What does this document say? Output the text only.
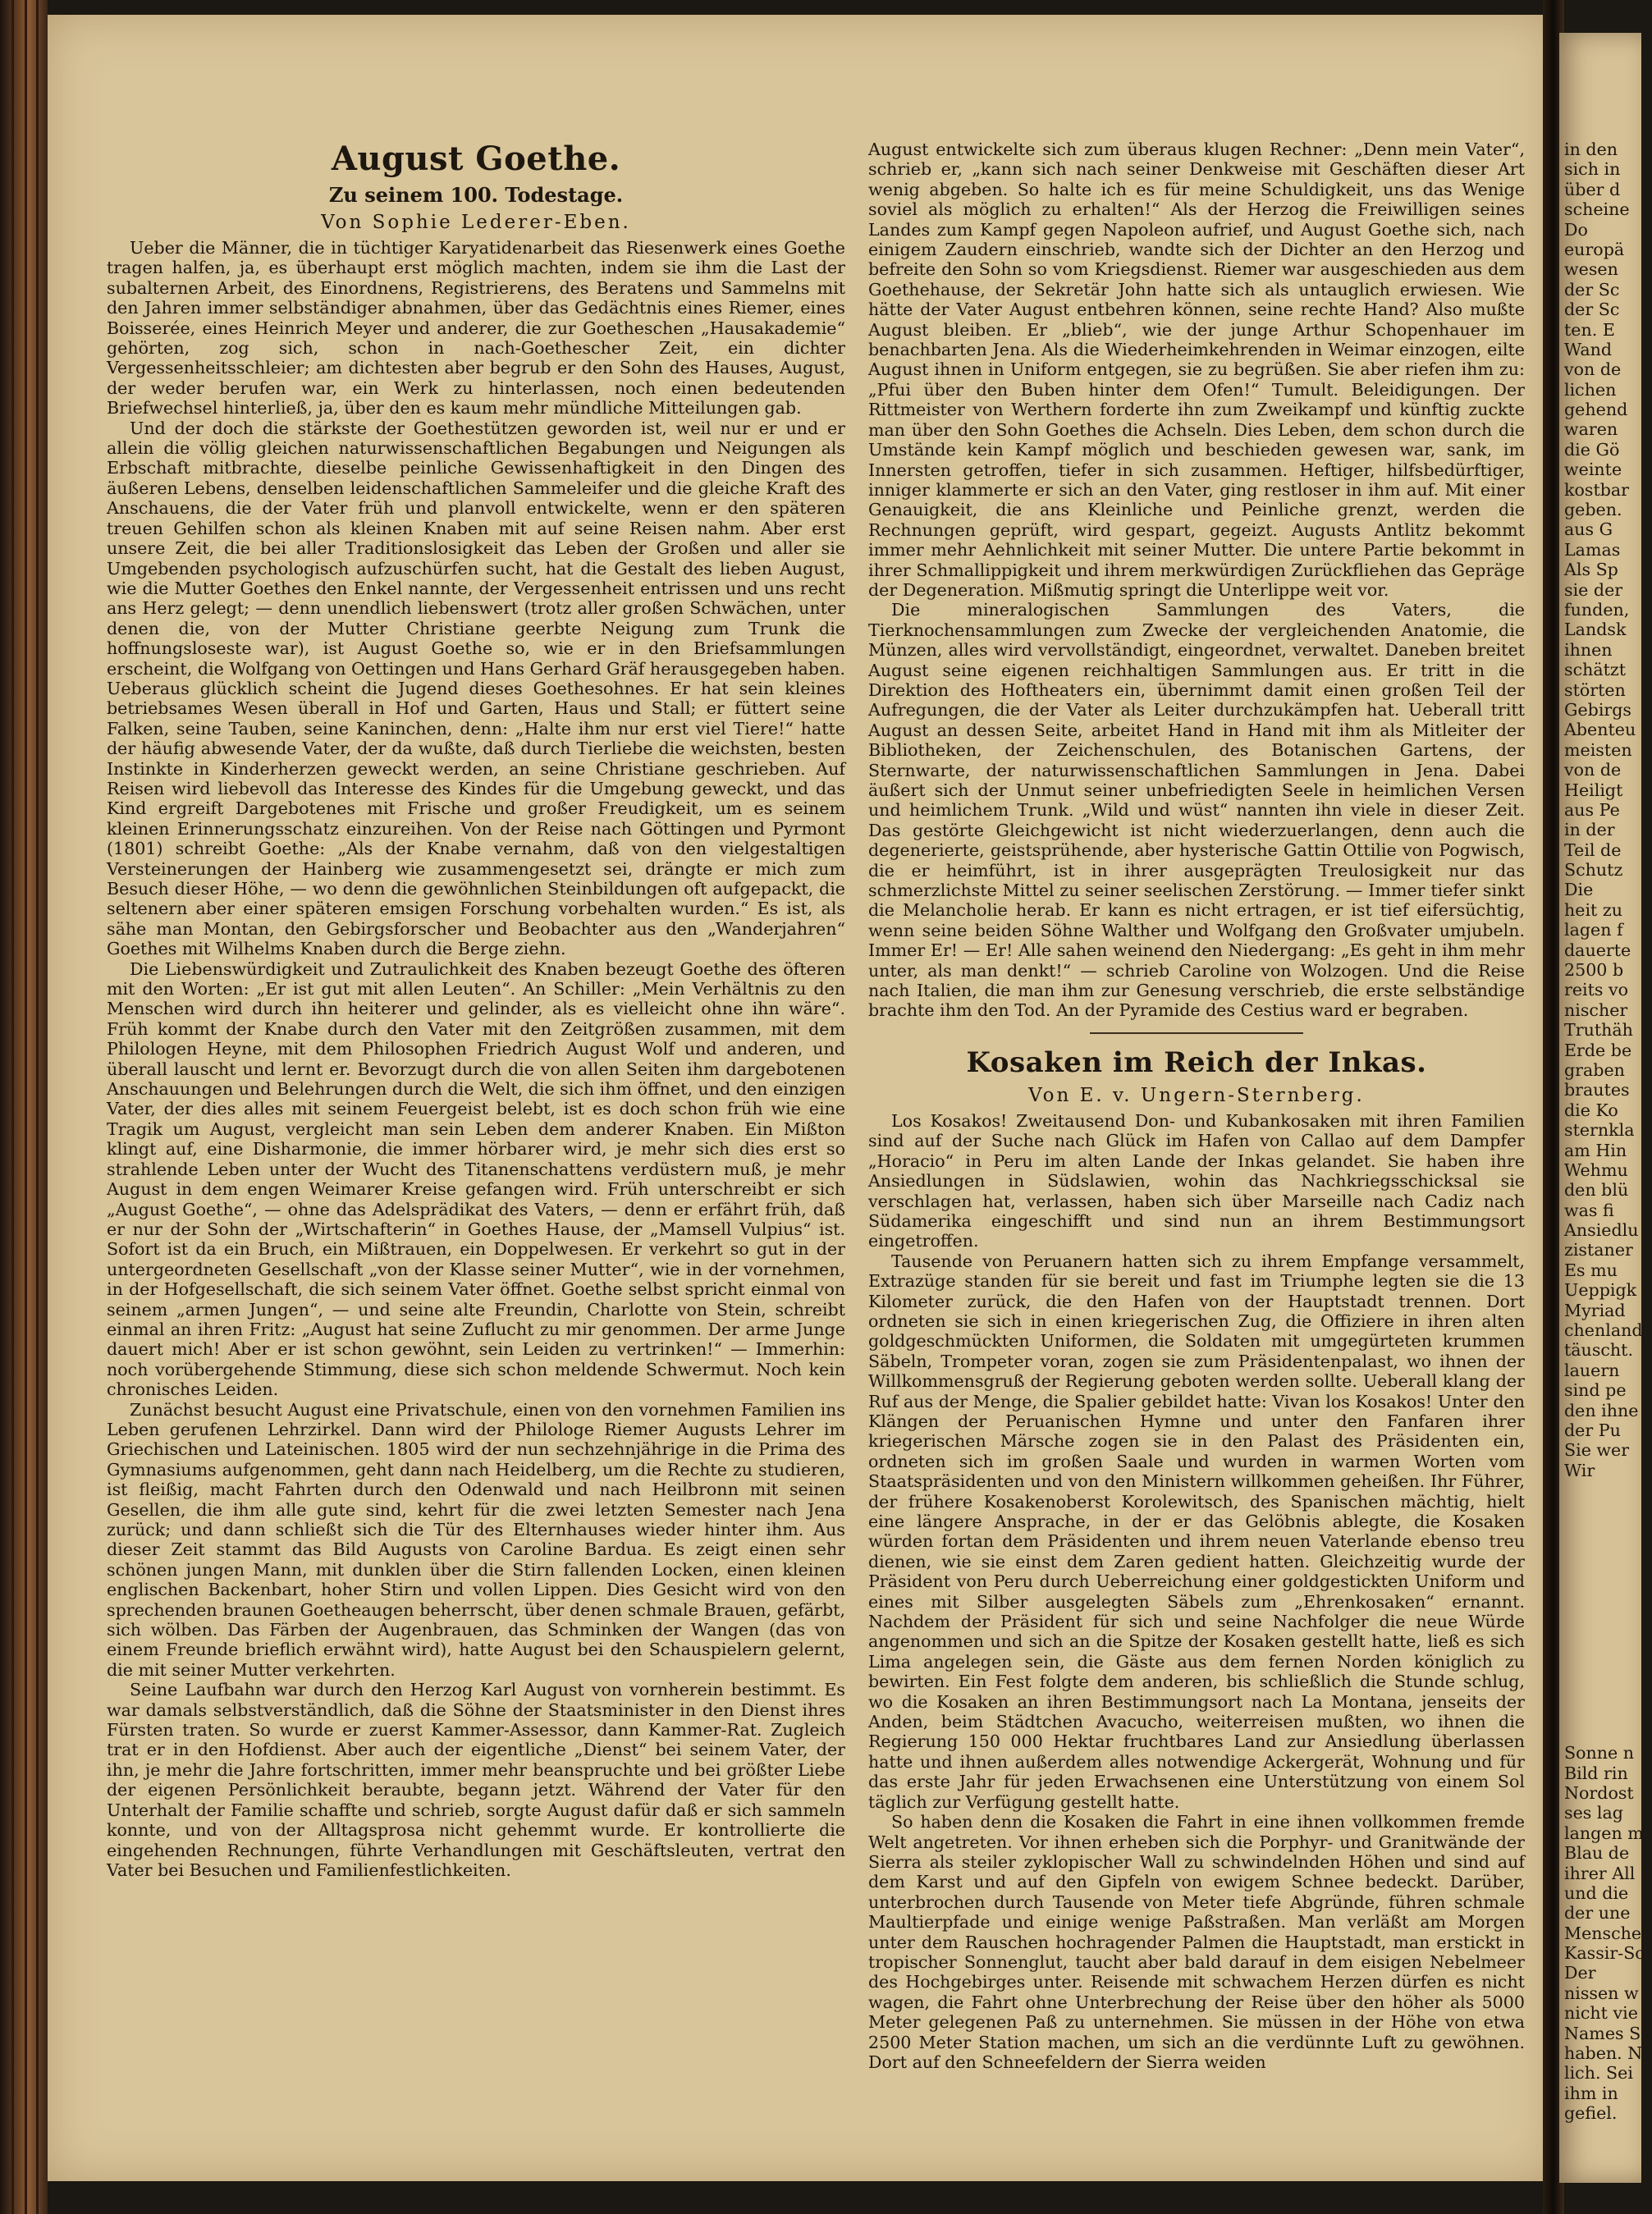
August Goethe.
Zu seinem 100. Todestage.
Von Sophie Lederer-Eben.

Ueber die Männer, die in tüchtiger Karyatidenarbeit das Riesenwerk eines Goethe tragen halfen, ja, es überhaupt erst möglich machten, indem sie ihm die Last der subalternen Arbeit, des Einordnens, Registrierens, des Beratens und Sammelns mit den Jahren immer selbständiger abnahmen, über das Gedächtnis eines Riemer, eines Boisserée, eines Heinrich Meyer und anderer, die zur Goetheschen „Hausakademie“ gehörten, zog sich, schon in nach-Goethescher Zeit, ein dichter Vergessenheitsschleier; am dichtesten aber begrub er den Sohn des Hauses, August, der weder berufen war, ein Werk zu hinterlassen, noch einen bedeutenden Briefwechsel hinterließ, ja, über den es kaum mehr mündliche Mitteilungen gab.

Und der doch die stärkste der Goethestützen geworden ist, weil nur er und er allein die völlig gleichen naturwissenschaftlichen Begabungen und Neigungen als Erbschaft mitbrachte, dieselbe peinliche Gewissenhaftigkeit in den Dingen des äußeren Lebens, denselben leidenschaftlichen Sammeleifer und die gleiche Kraft des Anschauens, die der Vater früh und planvoll entwickelte, wenn er den späteren treuen Gehilfen schon als kleinen Knaben mit auf seine Reisen nahm. Aber erst unsere Zeit, die bei aller Traditionslosigkeit das Leben der Großen und aller sie Umgebenden psychologisch aufzuschürfen sucht, hat die Gestalt des lieben August, wie die Mutter Goethes den Enkel nannte, der Vergessenheit entrissen und uns recht ans Herz gelegt; — denn unendlich liebenswert (trotz aller großen Schwächen, unter denen die, von der Mutter Christiane geerbte Neigung zum Trunk die hoffnungsloseste war), ist August Goethe so, wie er in den Briefsammlungen erscheint, die Wolfgang von Oettingen und Hans Gerhard Gräf herausgegeben haben. Ueberaus glücklich scheint die Jugend dieses Goethesohnes. Er hat sein kleines betriebsames Wesen überall in Hof und Garten, Haus und Stall; er füttert seine Falken, seine Tauben, seine Kaninchen, denn: „Halte ihm nur erst viel Tiere!“ hatte der häufig abwesende Vater, der da wußte, daß durch Tierliebe die weichsten, besten Instinkte in Kinderherzen geweckt werden, an seine Christiane geschrieben. Auf Reisen wird liebevoll das Interesse des Kindes für die Umgebung geweckt, und das Kind ergreift Dargebotenes mit Frische und großer Freudigkeit, um es seinem kleinen Erinnerungsschatz einzureihen. Von der Reise nach Göttingen und Pyrmont (1801) schreibt Goethe: „Als der Knabe vernahm, daß von den vielgestaltigen Versteinerungen der Hainberg wie zusammengesetzt sei, drängte er mich zum Besuch dieser Höhe, — wo denn die gewöhnlichen Steinbildungen oft aufgepackt, die seltenern aber einer späteren emsigen Forschung vorbehalten wurden.“ Es ist, als sähe man Montan, den Gebirgsforscher und Beobachter aus den „Wanderjahren“ Goethes mit Wilhelms Knaben durch die Berge ziehn.

Die Liebenswürdigkeit und Zutraulichkeit des Knaben bezeugt Goethe des öfteren mit den Worten: „Er ist gut mit allen Leuten“. An Schiller: „Mein Verhältnis zu den Menschen wird durch ihn heiterer und gelinder, als es vielleicht ohne ihn wäre“. Früh kommt der Knabe durch den Vater mit den Zeitgrößen zusammen, mit dem Philologen Heyne, mit dem Philosophen Friedrich August Wolf und anderen, und überall lauscht und lernt er. Bevorzugt durch die von allen Seiten ihm dargebotenen Anschauungen und Belehrungen durch die Welt, die sich ihm öffnet, und den einzigen Vater, der dies alles mit seinem Feuergeist belebt, ist es doch schon früh wie eine Tragik um August, vergleicht man sein Leben dem anderer Knaben. Ein Mißton klingt auf, eine Disharmonie, die immer hörbarer wird, je mehr sich dies erst so strahlende Leben unter der Wucht des Titanenschattens verdüstern muß, je mehr August in dem engen Weimarer Kreise gefangen wird. Früh unterschreibt er sich „August Goethe“, — ohne das Adelsprädikat des Vaters, — denn er erfährt früh, daß er nur der Sohn der „Wirtschafterin“ in Goethes Hause, der „Mamsell Vulpius“ ist. Sofort ist da ein Bruch, ein Mißtrauen, ein Doppelwesen. Er verkehrt so gut in der untergeordneten Gesellschaft „von der Klasse seiner Mutter“, wie in der vornehmen, in der Hofgesellschaft, die sich seinem Vater öffnet. Goethe selbst spricht einmal von seinem „armen Jungen“, — und seine alte Freundin, Charlotte von Stein, schreibt einmal an ihren Fritz: „August hat seine Zuflucht zu mir genommen. Der arme Junge dauert mich! Aber er ist schon gewöhnt, sein Leiden zu vertrinken!“ — Immerhin: noch vorübergehende Stimmung, diese sich schon meldende Schwermut. Noch kein chronisches Leiden.

Zunächst besucht August eine Privatschule, einen von den vornehmen Familien ins Leben gerufenen Lehrzirkel. Dann wird der Philologe Riemer Augusts Lehrer im Griechischen und Lateinischen. 1805 wird der nun sechzehnjährige in die Prima des Gymnasiums aufgenommen, geht dann nach Heidelberg, um die Rechte zu studieren, ist fleißig, macht Fahrten durch den Odenwald und nach Heilbronn mit seinen Gesellen, die ihm alle gute sind, kehrt für die zwei letzten Semester nach Jena zurück; und dann schließt sich die Tür des Elternhauses wieder hinter ihm. Aus dieser Zeit stammt das Bild Augusts von Caroline Bardua. Es zeigt einen sehr schönen jungen Mann, mit dunklen über die Stirn fallenden Locken, einen kleinen englischen Backenbart, hoher Stirn und vollen Lippen. Dies Gesicht wird von den sprechenden braunen Goetheaugen beherrscht, über denen schmale Brauen, gefärbt, sich wölben. Das Färben der Augenbrauen, das Schminken der Wangen (das von einem Freunde brieflich erwähnt wird), hatte August bei den Schauspielern gelernt, die mit seiner Mutter verkehrten.

Seine Laufbahn war durch den Herzog Karl August von vornherein bestimmt. Es war damals selbstverständlich, daß die Söhne der Staatsminister in den Dienst ihres Fürsten traten. So wurde er zuerst Kammer-Assessor, dann Kammer-Rat. Zugleich trat er in den Hofdienst. Aber auch der eigentliche „Dienst“ bei seinem Vater, der ihn, je mehr die Jahre fortschritten, immer mehr beanspruchte und bei größter Liebe der eigenen Persönlichkeit beraubte, begann jetzt. Während der Vater für den Unterhalt der Familie schaffte und schrieb, sorgte August dafür daß er sich sammeln konnte, und von der Alltagsprosa nicht gehemmt wurde. Er kontrollierte die eingehenden Rechnungen, führte Verhandlungen mit Geschäftsleuten, vertrat den Vater bei Besuchen und Familienfestlichkeiten.

August entwickelte sich zum überaus klugen Rechner: „Denn mein Vater“, schrieb er, „kann sich nach seiner Denkweise mit Geschäften dieser Art wenig abgeben. So halte ich es für meine Schuldigkeit, uns das Wenige soviel als möglich zu erhalten!“ Als der Herzog die Freiwilligen seines Landes zum Kampf gegen Napoleon aufrief, und August Goethe sich, nach einigem Zaudern einschrieb, wandte sich der Dichter an den Herzog und befreite den Sohn so vom Kriegsdienst. Riemer war ausgeschieden aus dem Goethehause, der Sekretär John hatte sich als untauglich erwiesen. Wie hätte der Vater August entbehren können, seine rechte Hand? Also mußte August bleiben. Er „blieb“, wie der junge Arthur Schopenhauer im benachbarten Jena. Als die Wiederheimkehrenden in Weimar einzogen, eilte August ihnen in Uniform entgegen, sie zu begrüßen. Sie aber riefen ihm zu: „Pfui über den Buben hinter dem Ofen!“ Tumult. Beleidigungen. Der Rittmeister von Werthern forderte ihn zum Zweikampf und künftig zuckte man über den Sohn Goethes die Achseln. Dies Leben, dem schon durch die Umstände kein Kampf möglich und beschieden gewesen war, sank, im Innersten getroffen, tiefer in sich zusammen. Heftiger, hilfsbedürftiger, inniger klammerte er sich an den Vater, ging restloser in ihm auf. Mit einer Genauigkeit, die ans Kleinliche und Peinliche grenzt, werden die Rechnungen geprüft, wird gespart, gegeizt. Augusts Antlitz bekommt immer mehr Aehnlichkeit mit seiner Mutter. Die untere Partie bekommt in ihrer Schmallippigkeit und ihrem merkwürdigen Zurückfliehen das Gepräge der Degeneration. Mißmutig springt die Unterlippe weit vor.

Die mineralogischen Sammlungen des Vaters, die Tierknochensammlungen zum Zwecke der vergleichenden Anatomie, die Münzen, alles wird vervollständigt, eingeordnet, verwaltet. Daneben breitet August seine eigenen reichhaltigen Sammlungen aus. Er tritt in die Direktion des Hoftheaters ein, übernimmt damit einen großen Teil der Aufregungen, die der Vater als Leiter durchzukämpfen hat. Ueberall tritt August an dessen Seite, arbeitet Hand in Hand mit ihm als Mitleiter der Bibliotheken, der Zeichenschulen, des Botanischen Gartens, der Sternwarte, der naturwissenschaftlichen Sammlungen in Jena. Dabei äußert sich der Unmut seiner unbefriedigten Seele in heimlichen Versen und heimlichem Trunk. „Wild und wüst“ nannten ihn viele in dieser Zeit. Das gestörte Gleichgewicht ist nicht wiederzuerlangen, denn auch die degenerierte, geistsprühende, aber hysterische Gattin Ottilie von Pogwisch, die er heimführt, ist in ihrer ausgeprägten Treulosigkeit nur das schmerzlichste Mittel zu seiner seelischen Zerstörung. — Immer tiefer sinkt die Melancholie herab. Er kann es nicht ertragen, er ist tief eifersüchtig, wenn seine beiden Söhne Walther und Wolfgang den Großvater umjubeln. Immer Er! — Er! Alle sahen weinend den Niedergang: „Es geht in ihm mehr unter, als man denkt!“ — schrieb Caroline von Wolzogen. Und die Reise nach Italien, die man ihm zur Genesung verschrieb, die erste selbständige brachte ihm den Tod. An der Pyramide des Cestius ward er begraben.

Kosaken im Reich der Inkas.
Von E. v. Ungern-Sternberg.

Los Kosakos! Zweitausend Don- und Kubankosaken mit ihren Familien sind auf der Suche nach Glück im Hafen von Callao auf dem Dampfer „Horacio“ in Peru im alten Lande der Inkas gelandet. Sie haben ihre Ansiedlungen in Südslawien, wohin das Nachkriegsschicksal sie verschlagen hat, verlassen, haben sich über Marseille nach Cadiz nach Südamerika eingeschifft und sind nun an ihrem Bestimmungsort eingetroffen.

Tausende von Peruanern hatten sich zu ihrem Empfange versammelt, Extrazüge standen für sie bereit und fast im Triumphe legten sie die 13 Kilometer zurück, die den Hafen von der Hauptstadt trennen. Dort ordneten sie sich in einen kriegerischen Zug, die Offiziere in ihren alten goldgeschmückten Uniformen, die Soldaten mit umgegürteten krummen Säbeln, Trompeter voran, zogen sie zum Präsidentenpalast, wo ihnen der Willkommensgruß der Regierung geboten werden sollte. Ueberall klang der Ruf aus der Menge, die Spalier gebildet hatte: Vivan los Kosakos! Unter den Klängen der Peruanischen Hymne und unter den Fanfaren ihrer kriegerischen Märsche zogen sie in den Palast des Präsidenten ein, ordneten sich im großen Saale und wurden in warmen Worten vom Staatspräsidenten und von den Ministern willkommen geheißen. Ihr Führer, der frühere Kosakenoberst Korolewitsch, des Spanischen mächtig, hielt eine längere Ansprache, in der er das Gelöbnis ablegte, die Kosaken würden fortan dem Präsidenten und ihrem neuen Vaterlande ebenso treu dienen, wie sie einst dem Zaren gedient hatten. Gleichzeitig wurde der Präsident von Peru durch Ueberreichung einer goldgestickten Uniform und eines mit Silber ausgelegten Säbels zum „Ehrenkosaken“ ernannt. Nachdem der Präsident für sich und seine Nachfolger die neue Würde angenommen und sich an die Spitze der Kosaken gestellt hatte, ließ es sich Lima angelegen sein, die Gäste aus dem fernen Norden königlich zu bewirten. Ein Fest folgte dem anderen, bis schließlich die Stunde schlug, wo die Kosaken an ihren Bestimmungsort nach La Montana, jenseits der Anden, beim Städtchen Avacucho, weiterreisen mußten, wo ihnen die Regierung 150 000 Hektar fruchtbares Land zur Ansiedlung überlassen hatte und ihnen außerdem alles notwendige Ackergerät, Wohnung und für das erste Jahr für jeden Erwachsenen eine Unterstützung von einem Sol täglich zur Verfügung gestellt hatte.

So haben denn die Kosaken die Fahrt in eine ihnen vollkommen fremde Welt angetreten. Vor ihnen erheben sich die Porphyr- und Granitwände der Sierra als steiler zyklopischer Wall zu schwindelnden Höhen und sind auf dem Karst und auf den Gipfeln von ewigem Schnee bedeckt. Darüber, unterbrochen durch Tausende von Meter tiefe Abgründe, führen schmale Maultierpfade und einige wenige Paßstraßen. Man verläßt am Morgen unter dem Rauschen hochragender Palmen die Hauptstadt, man erstickt in tropischer Sonnenglut, taucht aber bald darauf in dem eisigen Nebelmeer des Hochgebirges unter. Reisende mit schwachem Herzen dürfen es nicht wagen, die Fahrt ohne Unterbrechung der Reise über den höher als 5000 Meter gelegenen Paß zu unternehmen. Sie müssen in der Höhe von etwa 2500 Meter Station machen, um sich an die verdünnte Luft zu gewöhnen. Dort auf den Schneefeldern der Sierra weiden

in den
sich in
über d
scheine
Do
europä
wesen
der Sc
der Sc
ten. E
Wand
von de
lichen
gehend
waren
die Gö
weinte
kostbar
geben.
aus G
Lamas
Als Sp
sie der
funden,
Landsk
ihnen
schätzt
störten
Gebirgs
Abenteu
meisten
von de
Heiligt
aus Pe
in der
Teil de
Schutz
Die
heit zu
lagen f
dauerte
2500 b
reits vo
nischer
Truthäh
Erde be
graben
brautes
die Ko
sternkla
am Hin
Wehmu
den blü
was fi
Ansiedlu
zistaner
Es mu
Ueppigk
Myriad
chenland
täuscht.
lauern
sind pe
den ihne
der Pu
Sie wer
Wir
Sonne n
Bild rin
Nordost
ses lag
langen m
Blau de
ihrer All
und die
der une
Menschen
Kassir-Sc
Der
nissen w
nicht vie
Names S
haben. N
lich. Sei
ihm in
gefiel.
